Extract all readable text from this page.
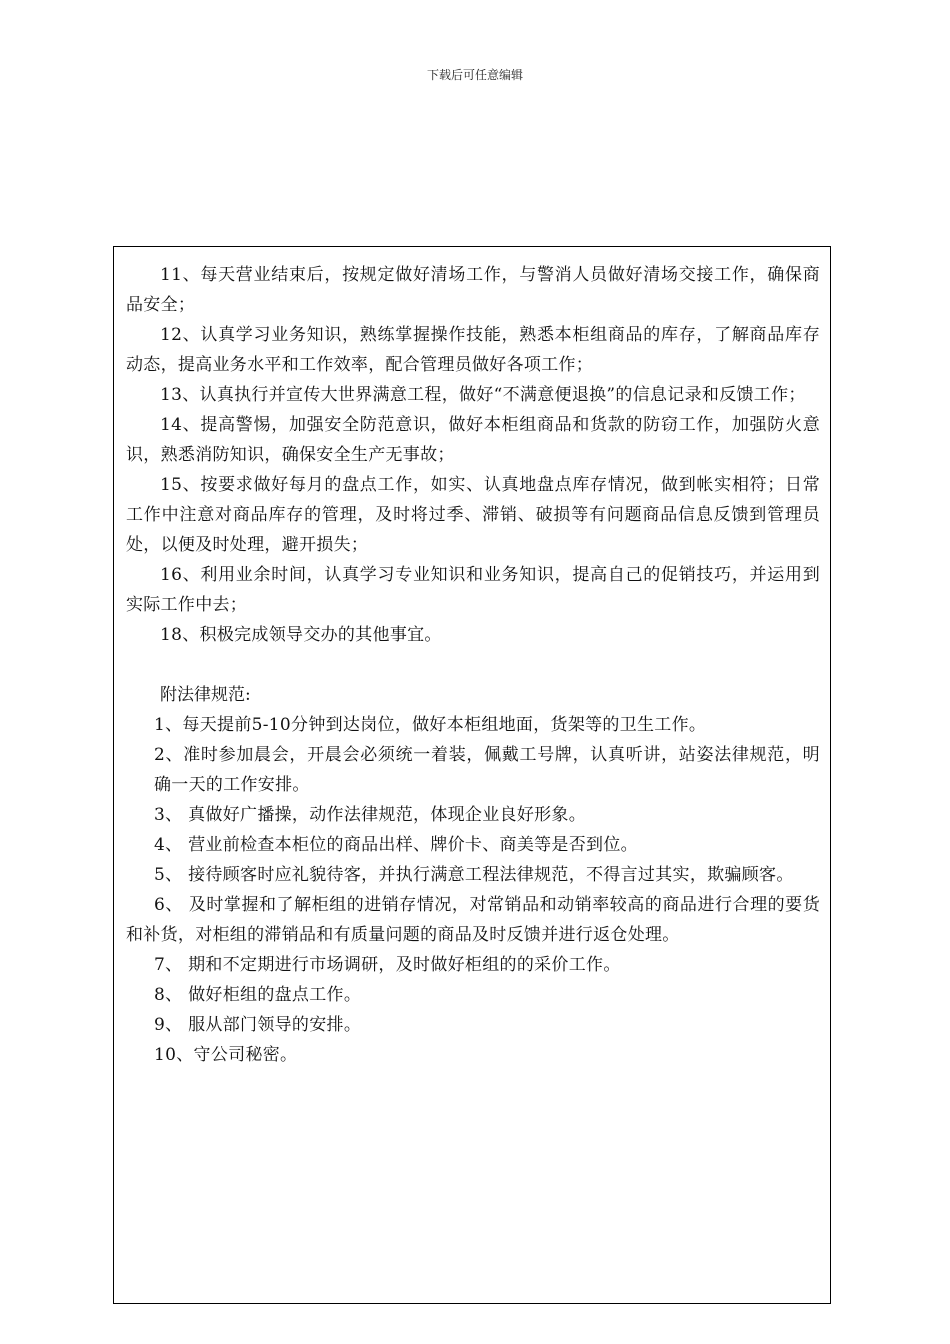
下载后可任意编辑

11、每天营业结束后，按规定做好清场工作，与警消人员做好清场交接工作，确保商品安全；

12、认真学习业务知识，熟练掌握操作技能，熟悉本柜组商品的库存，了解商品库存动态，提高业务水平和工作效率，配合管理员做好各项工作；

13、认真执行并宣传大世界满意工程，做好“不满意便退换”的信息记录和反馈工作；

14、提高警惕，加强安全防范意识，做好本柜组商品和货款的防窃工作，加强防火意识，熟悉消防知识，确保安全生产无事故；

15、按要求做好每月的盘点工作，如实、认真地盘点库存情况，做到帐实相符；日常工作中注意对商品库存的管理，及时将过季、滞销、破损等有问题商品信息反馈到管理员处，以便及时处理，避开损失；

16、利用业余时间，认真学习专业知识和业务知识，提高自己的促销技巧，并运用到实际工作中去；

18、积极完成领导交办的其他事宜。

附法律规范:

1、每天提前5-10分钟到达岗位，做好本柜组地面，货架等的卫生工作。

2、准时参加晨会，开晨会必须统一着装，佩戴工号牌，认真听讲，站姿法律规范，明确一天的工作安排。

3、 真做好广播操，动作法律规范，体现企业良好形象。

4、 营业前检查本柜位的商品出样、牌价卡、商美等是否到位。

5、 接待顾客时应礼貌待客，并执行满意工程法律规范，不得言过其实，欺骗顾客。

6、 及时掌握和了解柜组的进销存情况，对常销品和动销率较高的商品进行合理的要货和补货，对柜组的滞销品和有质量问题的商品及时反馈并进行返仓处理。

7、 期和不定期进行市场调研，及时做好柜组的的采价工作。

8、 做好柜组的盘点工作。

9、 服从部门领导的安排。

10、守公司秘密。
